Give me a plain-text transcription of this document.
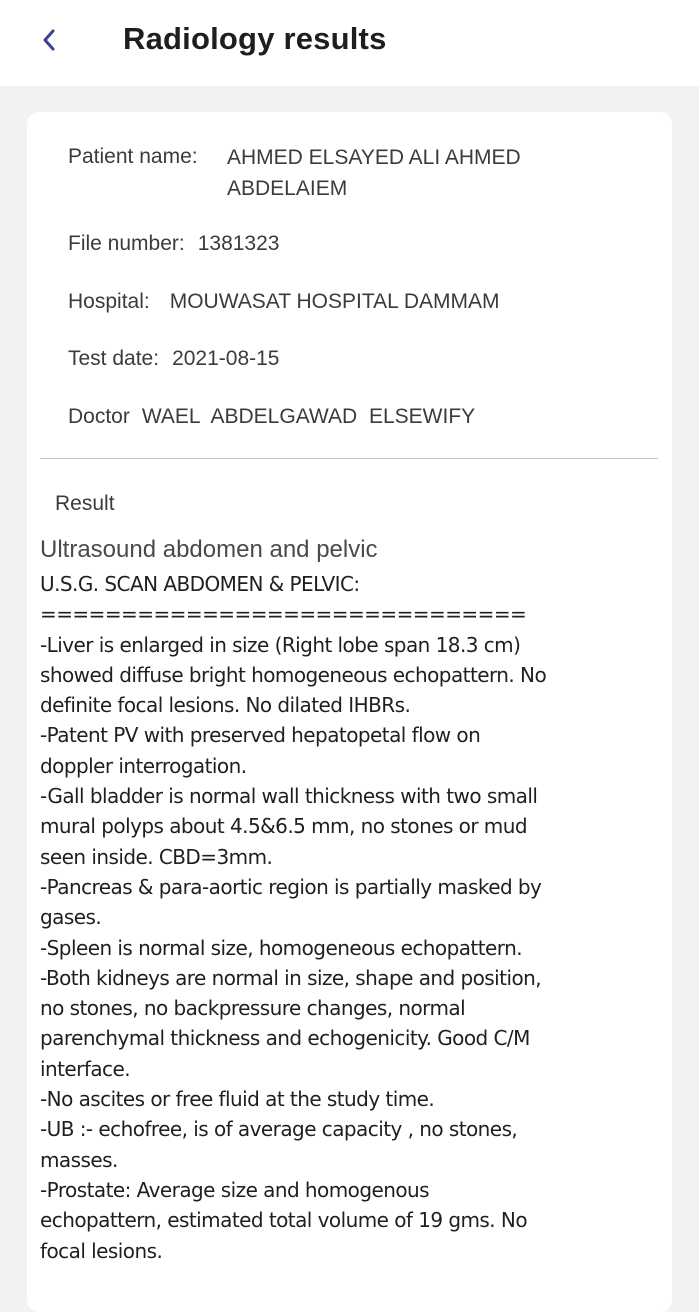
Radiology results
Patient name:	AHMED ELSAYED ALI AHMED ABDELAIEM
File number: 1381323
Hospital: MOUWASAT HOSPITAL DAMMAM
Test date: 2021-08-15
Doctor WAEL ABDELGAWAD ELSEWIFY
Result
Ultrasound abdomen and pelvic
U.S.G. SCAN ABDOMEN & PELVIC:
==============================
-Liver is enlarged in size (Right lobe span 18.3 cm)
showed diffuse bright homogeneous echopattern. No
definite focal lesions. No dilated IHBRs.
-Patent PV with preserved hepatopetal flow on
doppler interrogation.
-Gall bladder is normal wall thickness with two small
mural polyps about 4.5&6.5 mm, no stones or mud
seen inside. CBD=3mm.
-Pancreas & para-aortic region is partially masked by
gases.
-Spleen is normal size, homogeneous echopattern.
-Both kidneys are normal in size, shape and position,
no stones, no backpressure changes, normal
parenchymal thickness and echogenicity. Good C/M
interface.
-No ascites or free fluid at the study time.
-UB :- echofree, is of average capacity , no stones,
masses.
-Prostate: Average size and homogenous
echopattern, estimated total volume of 19 gms. No
focal lesions.
